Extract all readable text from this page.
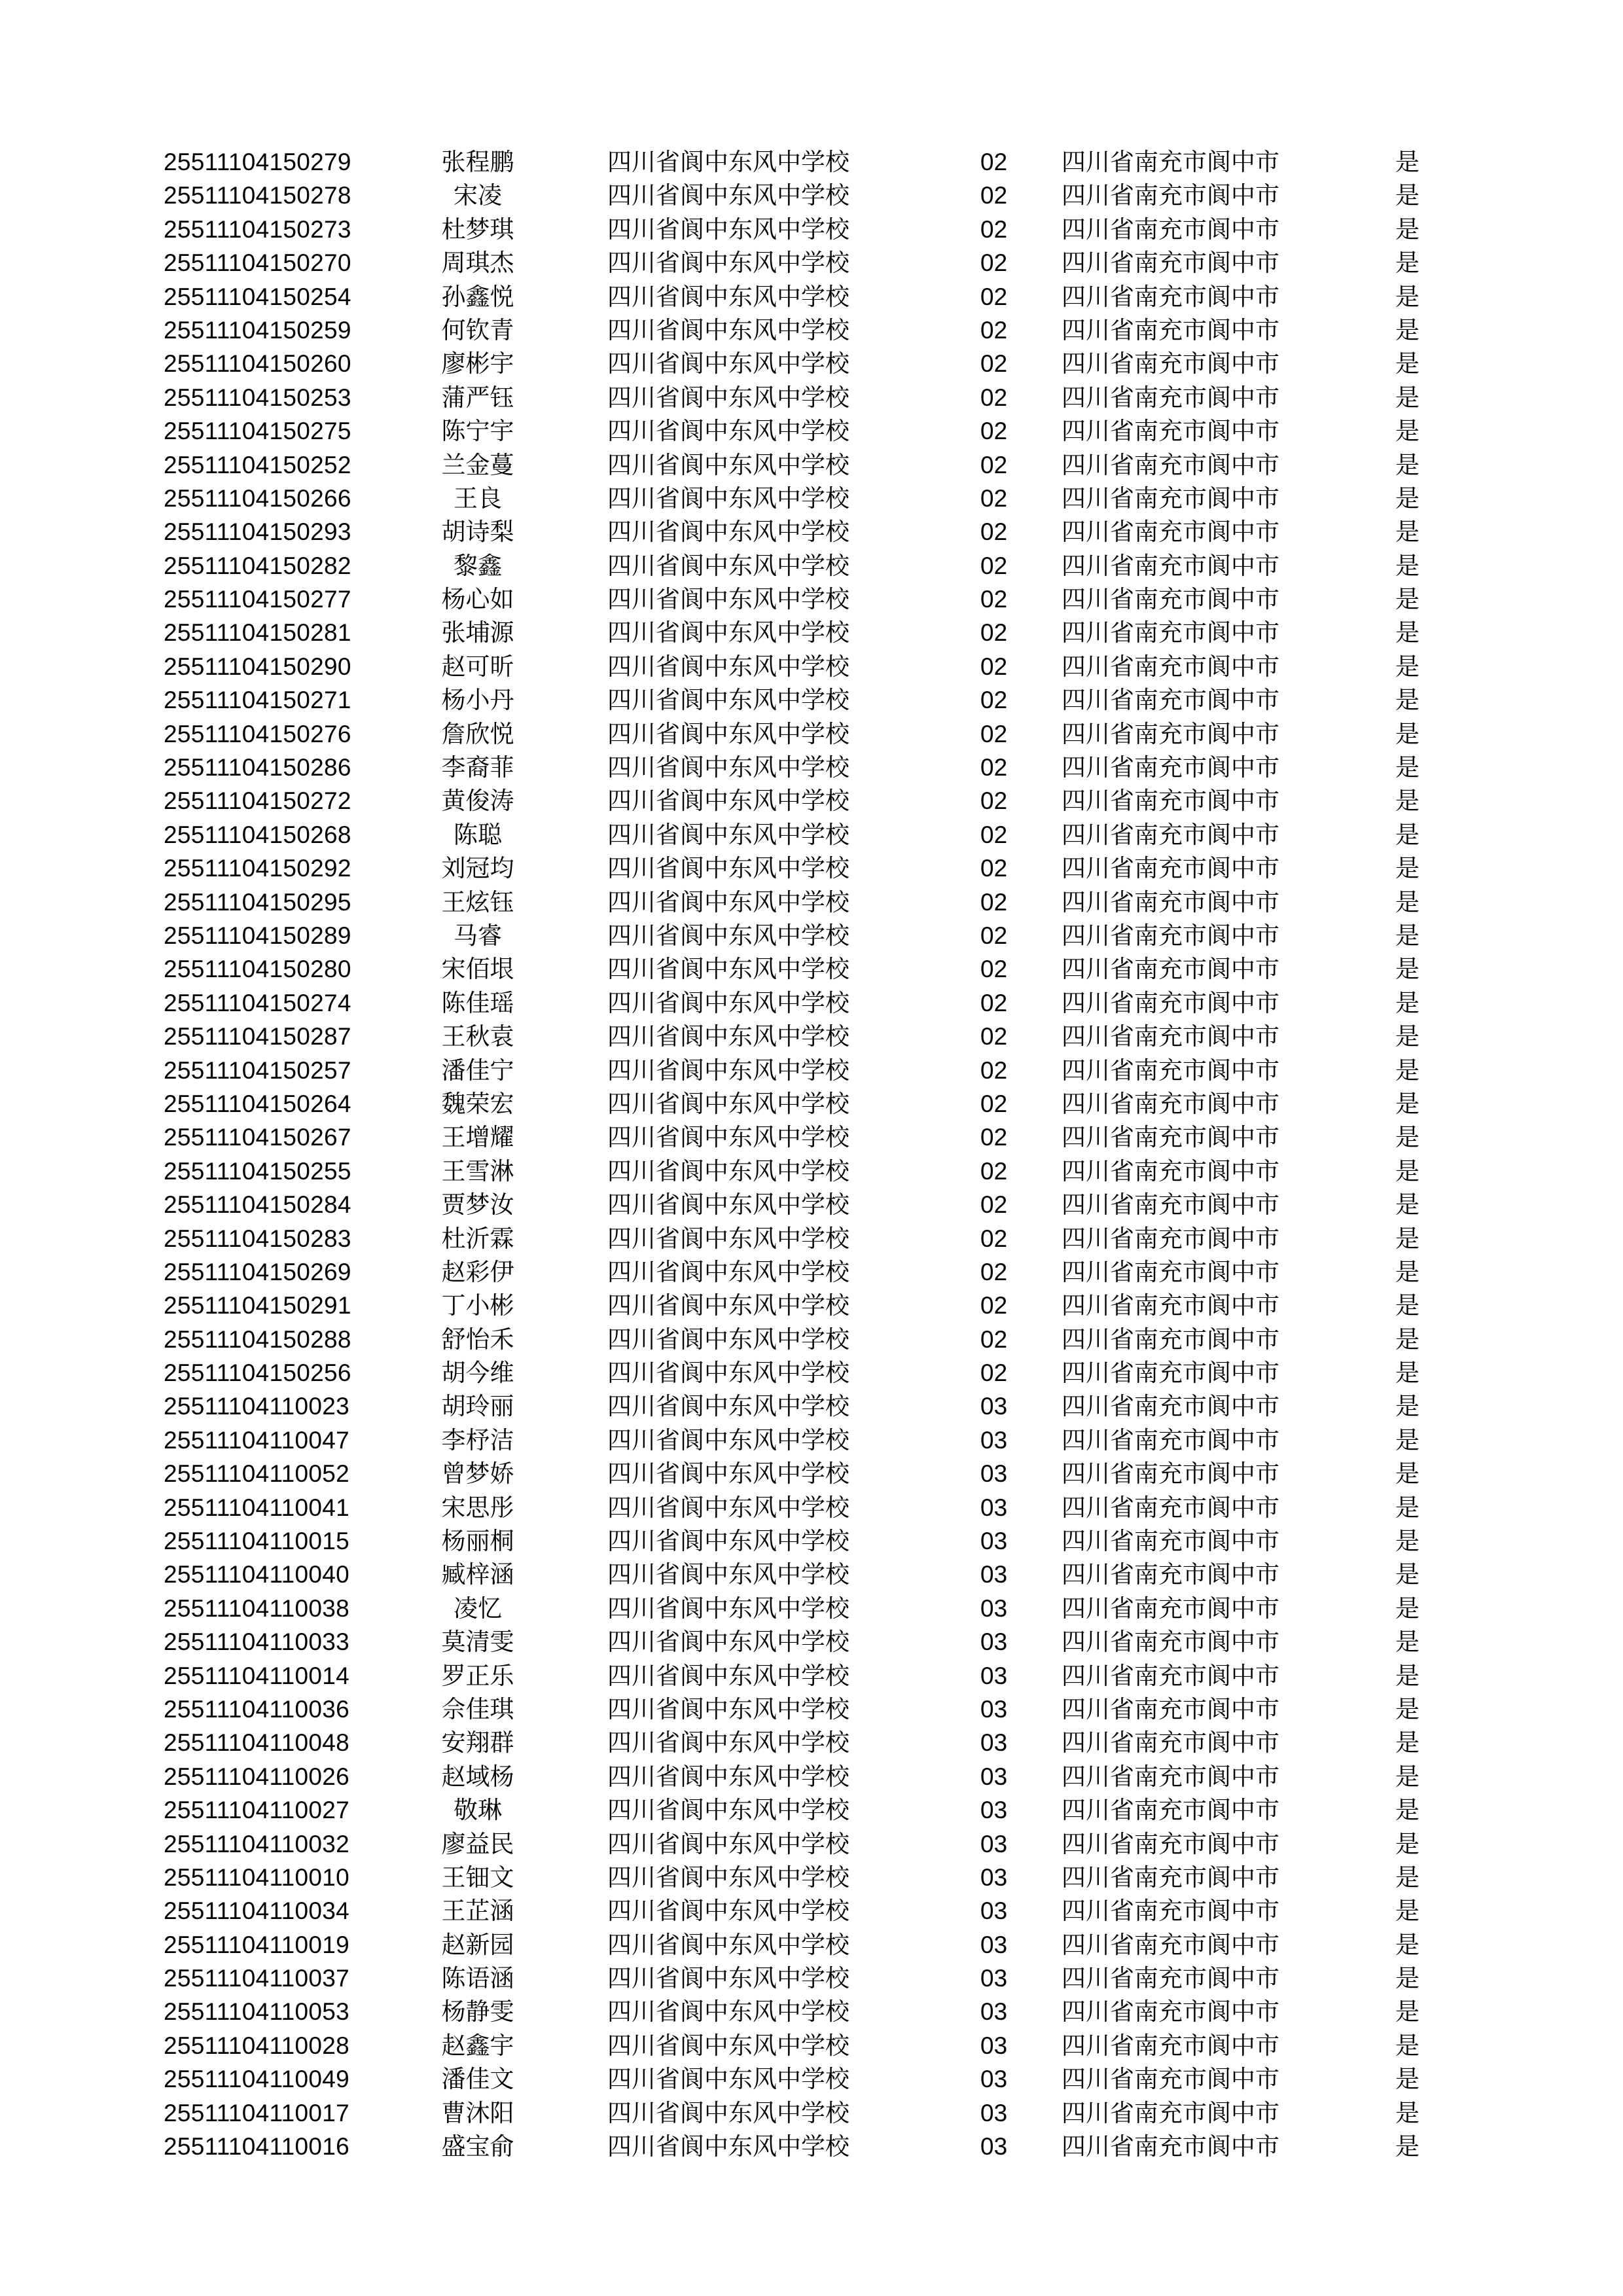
25511104150279	张程鹏	四川省阆中东风中学校	02 四川省南充市阆中市	是
25511104150278	宋凌	四川省阆中东风中学校	02 四川省南充市阆中市	是
25511104150273	杜梦琪	四川省阆中东风中学校	02 四川省南充市阆中市	是
25511104150270	周琪杰	四川省阆中东风中学校	02 四川省南充市阆中市	是
25511104150254	孙鑫悦	四川省阆中东风中学校	02 四川省南充市阆中市	是
25511104150259	何钦青	四川省阆中东风中学校	02 四川省南充市阆中市	是
25511104150260	廖彬宇	四川省阆中东风中学校	02 四川省南充市阆中市	是
25511104150253	蒲严钰	四川省阆中东风中学校	02 四川省南充市阆中市	是
25511104150275	陈宁宇	四川省阆中东风中学校	02 四川省南充市阆中市	是
25511104150252	兰金蔓	四川省阆中东风中学校	02 四川省南充市阆中市	是
25511104150266	王良	四川省阆中东风中学校	02 四川省南充市阆中市	是
25511104150293	胡诗梨	四川省阆中东风中学校	02 四川省南充市阆中市	是
25511104150282	黎鑫	四川省阆中东风中学校	02 四川省南充市阆中市	是
25511104150277	杨心如	四川省阆中东风中学校	02 四川省南充市阆中市	是
25511104150281	张埔源	四川省阆中东风中学校	02 四川省南充市阆中市	是
25511104150290	赵可昕	四川省阆中东风中学校	02 四川省南充市阆中市	是
25511104150271	杨小丹	四川省阆中东风中学校	02 四川省南充市阆中市	是
25511104150276	詹欣悦	四川省阆中东风中学校	02 四川省南充市阆中市	是
25511104150286	李裔菲	四川省阆中东风中学校	02 四川省南充市阆中市	是
25511104150272	黄俊涛	四川省阆中东风中学校	02 四川省南充市阆中市	是
25511104150268	陈聪	四川省阆中东风中学校	02 四川省南充市阆中市	是
25511104150292	刘冠均	四川省阆中东风中学校	02 四川省南充市阆中市	是
25511104150295	王炫钰	四川省阆中东风中学校	02 四川省南充市阆中市	是
25511104150289	马睿	四川省阆中东风中学校	02 四川省南充市阆中市	是
25511104150280	宋佰垠	四川省阆中东风中学校	02 四川省南充市阆中市	是
25511104150274	陈佳瑶	四川省阆中东风中学校	02 四川省南充市阆中市	是
25511104150287	王秋袁	四川省阆中东风中学校	02 四川省南充市阆中市	是
25511104150257	潘佳宁	四川省阆中东风中学校	02 四川省南充市阆中市	是
25511104150264	魏荣宏	四川省阆中东风中学校	02 四川省南充市阆中市	是
25511104150267	王增耀	四川省阆中东风中学校	02 四川省南充市阆中市	是
25511104150255	王雪淋	四川省阆中东风中学校	02 四川省南充市阆中市	是
25511104150284	贾梦汝	四川省阆中东风中学校	02 四川省南充市阆中市	是
25511104150283	杜沂霖	四川省阆中东风中学校	02 四川省南充市阆中市	是
25511104150269	赵彩伊	四川省阆中东风中学校	02 四川省南充市阆中市	是
25511104150291	丁小彬	四川省阆中东风中学校	02 四川省南充市阆中市	是
25511104150288	舒怡禾	四川省阆中东风中学校	02 四川省南充市阆中市	是
25511104150256	胡今维	四川省阆中东风中学校	02 四川省南充市阆中市	是
25511104110023	胡玲丽	四川省阆中东风中学校	03 四川省南充市阆中市	是
25511104110047	李杼洁	四川省阆中东风中学校	03 四川省南充市阆中市	是
25511104110052	曾梦娇	四川省阆中东风中学校	03 四川省南充市阆中市	是
25511104110041	宋思彤	四川省阆中东风中学校	03 四川省南充市阆中市	是
25511104110015	杨丽桐	四川省阆中东风中学校	03 四川省南充市阆中市	是
25511104110040	臧梓涵	四川省阆中东风中学校	03 四川省南充市阆中市	是
25511104110038	凌忆	四川省阆中东风中学校	03 四川省南充市阆中市	是
25511104110033	莫清雯	四川省阆中东风中学校	03 四川省南充市阆中市	是
25511104110014	罗正乐	四川省阆中东风中学校	03 四川省南充市阆中市	是
25511104110036	佘佳琪	四川省阆中东风中学校	03 四川省南充市阆中市	是
25511104110048	安翔群	四川省阆中东风中学校	03 四川省南充市阆中市	是
25511104110026	赵域杨	四川省阆中东风中学校	03 四川省南充市阆中市	是
25511104110027	敬琳	四川省阆中东风中学校	03 四川省南充市阆中市	是
25511104110032	廖益民	四川省阆中东风中学校	03 四川省南充市阆中市	是
25511104110010	王钿文	四川省阆中东风中学校	03 四川省南充市阆中市	是
25511104110034	王芷涵	四川省阆中东风中学校	03 四川省南充市阆中市	是
25511104110019	赵新园	四川省阆中东风中学校	03 四川省南充市阆中市	是
25511104110037	陈语涵	四川省阆中东风中学校	03 四川省南充市阆中市	是
25511104110053	杨静雯	四川省阆中东风中学校	03 四川省南充市阆中市	是
25511104110028	赵鑫宇	四川省阆中东风中学校	03 四川省南充市阆中市	是
25511104110049	潘佳文	四川省阆中东风中学校	03 四川省南充市阆中市	是
25511104110017	曹沐阳	四川省阆中东风中学校	03 四川省南充市阆中市	是
25511104110016	盛宝俞	四川省阆中东风中学校	03 四川省南充市阆中市	是
